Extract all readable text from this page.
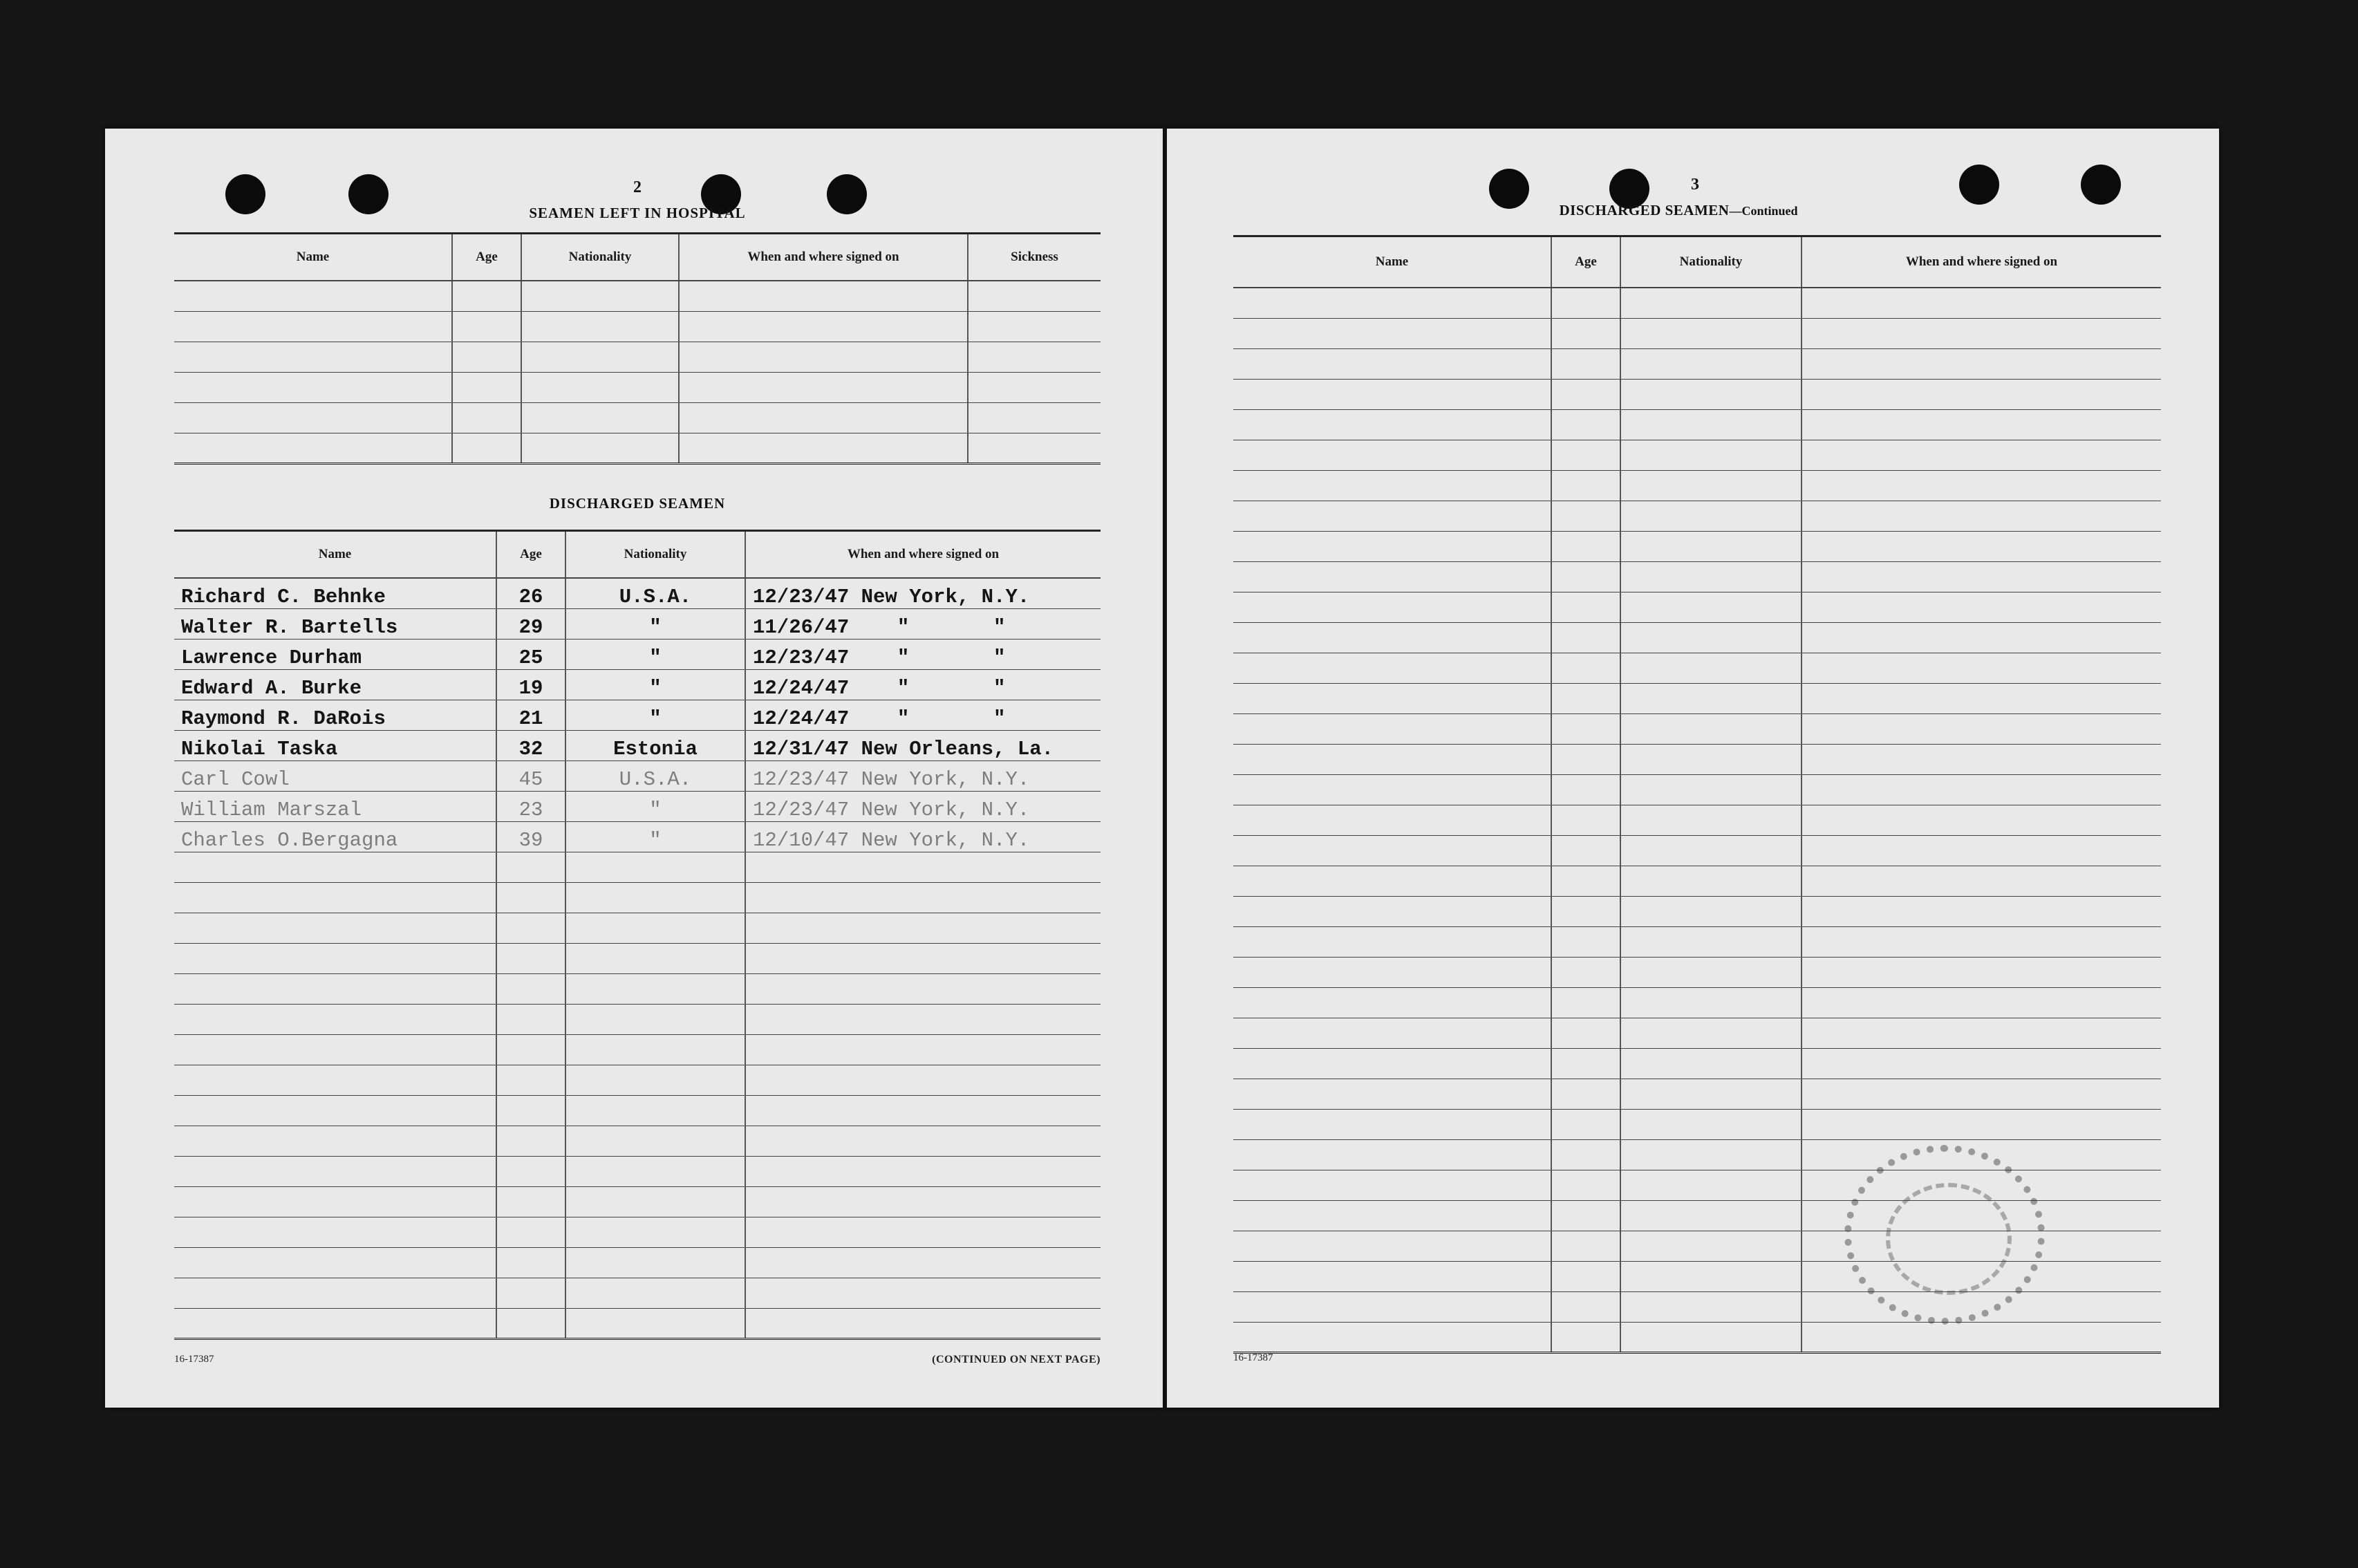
2
SEAMEN LEFT IN HOSPITAL
Name	Age	Nationality	When and where signed on	Sickness

DISCHARGED SEAMEN
Name	Age	Nationality	When and where signed on
Richard C. Behnke	26	U.S.A.	12/23/47 New York, N.Y.
Walter R. Bartells	29	"	11/26/47    "       "
Lawrence Durham	25	"	12/23/47    "       "
Edward A. Burke	19	"	12/24/47    "       "
Raymond R. DaRois	21	"	12/24/47    "       "
Nikolai Taska	32	Estonia	12/31/47 New Orleans, La.
Carl Cowl	45	U.S.A.	12/23/47 New York, N.Y.
William Marszal	23	"	12/23/47 New York, N.Y.
Charles O.Bergagna	39	"	12/10/47 New York, N.Y.

16-17387	(CONTINUED ON NEXT PAGE)
3
DISCHARGED SEAMEN—Continued
Name	Age	Nationality	When and where signed on

16-17387
